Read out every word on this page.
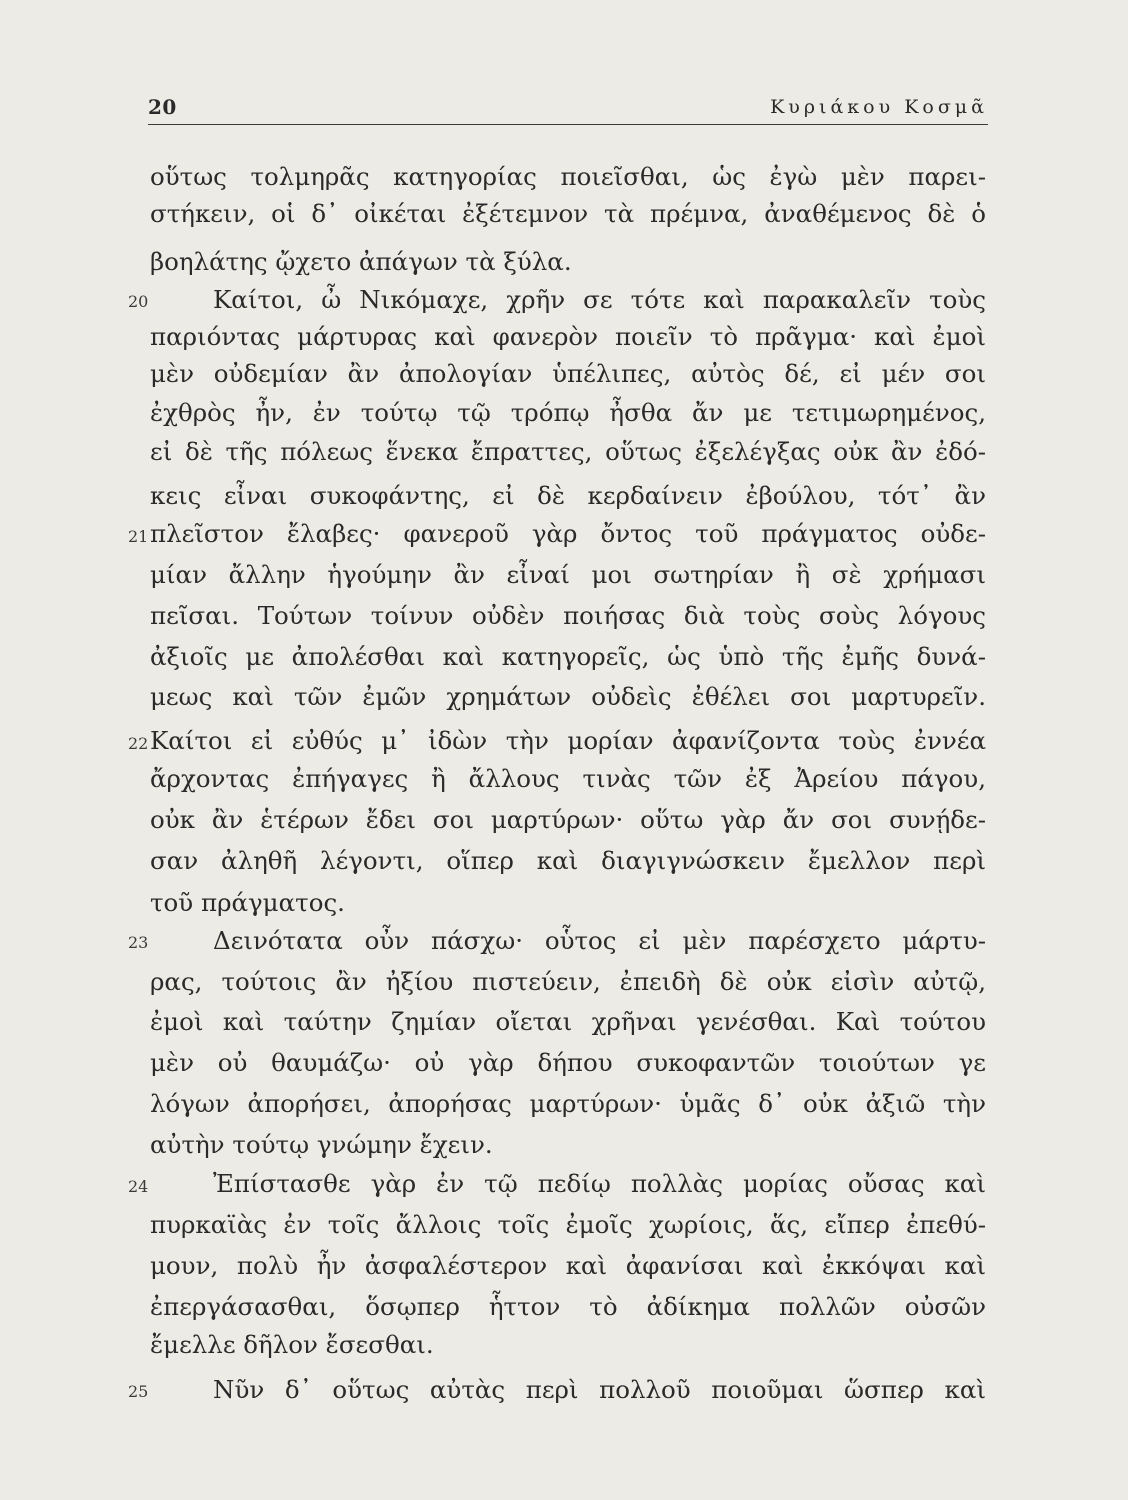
20	Κυριάκου Κοσμᾶ
οὕτως τολμηρᾶς κατηγορίας ποιεῖσθαι, ὡς ἐγὼ μὲν παρει-
στήκειν, οἱ δ᾽ οἰκέται ἐξέτεμνον τὰ πρέμνα, ἀναθέμενος δὲ ὁ
βοηλάτης ᾤχετο ἀπάγων τὰ ξύλα.
Καίτοι, ὦ Νικόμαχε, χρῆν σε τότε καὶ παρακαλεῖν τοὺς
παριόντας μάρτυρας καὶ φανερὸν ποιεῖν τὸ πρᾶγμα· καὶ ἐμοὶ
μὲν οὐδεμίαν ἂν ἀπολογίαν ὑπέλιπες, αὐτὸς δέ, εἰ μέν σοι
ἐχθρὸς ἦν, ἐν τούτῳ τῷ τρόπῳ ἦσθα ἄν με τετιμωρημένος,
εἰ δὲ τῆς πόλεως ἕνεκα ἔπραττες, οὕτως ἐξελέγξας οὐκ ἂν ἐδό-
κεις εἶναι συκοφάντης, εἰ δὲ κερδαίνειν ἐβούλου, τότ᾽ ἂν
πλεῖστον ἔλαβες· φανεροῦ γὰρ ὄντος τοῦ πράγματος οὐδε-
μίαν ἄλλην ἡγούμην ἂν εἶναί μοι σωτηρίαν ἢ σὲ χρήμασι
πεῖσαι. Τούτων τοίνυν οὐδὲν ποιήσας διὰ τοὺς σοὺς λόγους
ἀξιοῖς με ἀπολέσθαι καὶ κατηγορεῖς, ὡς ὑπὸ τῆς ἐμῆς δυνά-
μεως καὶ τῶν ἐμῶν χρημάτων οὐδεὶς ἐθέλει σοι μαρτυρεῖν.
Καίτοι εἰ εὐθύς μ᾽ ἰδὼν τὴν μορίαν ἀφανίζοντα τοὺς ἐννέα
ἄρχοντας ἐπήγαγες ἢ ἄλλους τινὰς τῶν ἐξ Ἀρείου πάγου,
οὐκ ἂν ἑτέρων ἔδει σοι μαρτύρων· οὕτω γὰρ ἄν σοι συνῄδε-
σαν ἀληθῆ λέγοντι, οἵπερ καὶ διαγιγνώσκειν ἔμελλον περὶ
τοῦ πράγματος.
Δεινότατα οὖν πάσχω· οὗτος εἰ μὲν παρέσχετο μάρτυ-
ρας, τούτοις ἂν ἠξίου πιστεύειν, ἐπειδὴ δὲ οὐκ εἰσὶν αὐτῷ,
ἐμοὶ καὶ ταύτην ζημίαν οἴεται χρῆναι γενέσθαι. Καὶ τούτου
μὲν οὐ θαυμάζω· οὐ γὰρ δήπου συκοφαντῶν τοιούτων γε
λόγων ἀπορήσει, ἀπορήσας μαρτύρων· ὑμᾶς δ᾽ οὐκ ἀξιῶ τὴν
αὐτὴν τούτῳ γνώμην ἔχειν.
Ἐπίστασθε γὰρ ἐν τῷ πεδίῳ πολλὰς μορίας οὔσας καὶ
πυρκαϊὰς ἐν τοῖς ἄλλοις τοῖς ἐμοῖς χωρίοις, ἅς, εἴπερ ἐπεθύ-
μουν, πολὺ ἦν ἀσφαλέστερον καὶ ἀφανίσαι καὶ ἐκκόψαι καὶ
ἐπεργάσασθαι, ὅσῳπερ ἧττον τὸ ἀδίκημα πολλῶν οὐσῶν
ἔμελλε δῆλον ἔσεσθαι.
Νῦν δ᾽ οὕτως αὐτὰς περὶ πολλοῦ ποιοῦμαι ὥσπερ καὶ
20
21
22
23
24
25
